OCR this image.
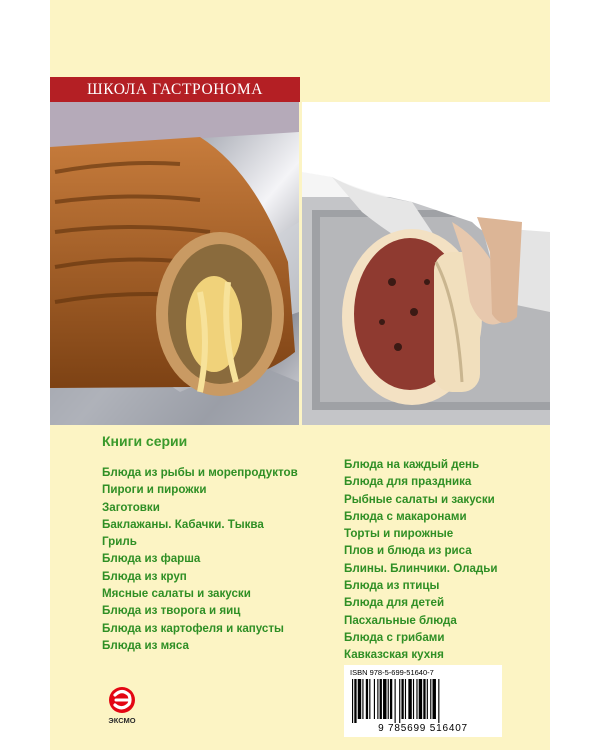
ШКОЛА ГАСТРОНОМА
Книги серии
Блюда из рыбы и морепродуктов
Пироги и пирожки
Заготовки
Баклажаны. Кабачки. Тыква
Гриль
Блюда из фарша
Блюда из круп
Мясные салаты и закуски
Блюда из творога и яиц
Блюда из картофеля и капусты
Блюда из мяса
Блюда на каждый день
Блюда для праздника
Рыбные салаты и закуски
Блюда с макаронами
Торты и пирожные
Плов и блюда из риса
Блины. Блинчики. Оладьи
Блюда из птицы
Блюда для детей
Пасхальные блюда
Блюда с грибами
Кавказская кухня
ЭКСМО
ISBN 978-5-699-51640-7
9 785699 516407
